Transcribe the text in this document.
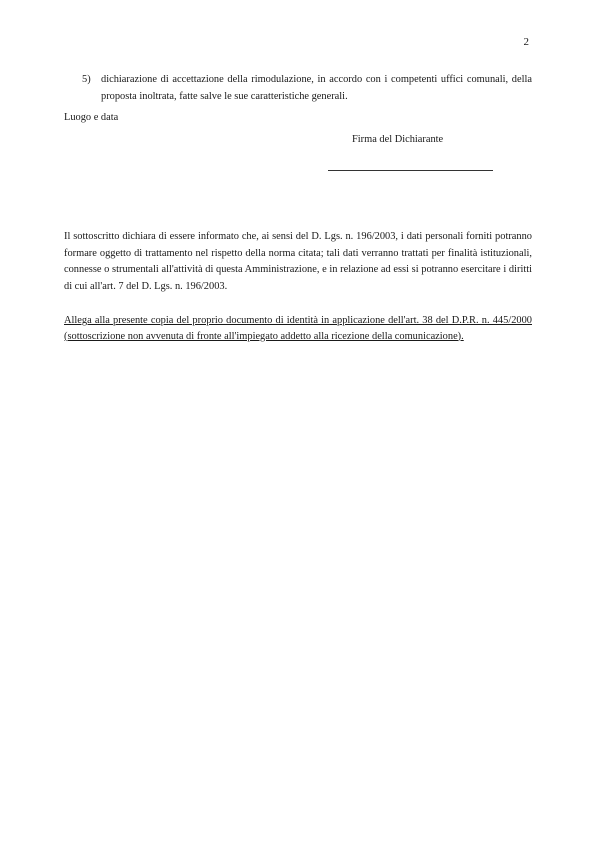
2
5) dichiarazione di accettazione della rimodulazione, in accordo con i competenti uffici comunali, della proposta inoltrata, fatte salve le sue caratteristiche generali.
Luogo e data
Firma del Dichiarante
Il sottoscritto dichiara di essere informato che, ai sensi del D. Lgs. n. 196/2003, i dati personali forniti potranno formare oggetto di trattamento nel rispetto della norma citata; tali dati verranno trattati per finalità istituzionali, connesse o strumentali all'attività di questa Amministrazione, e in relazione ad essi si potranno esercitare i diritti di cui all'art. 7 del D. Lgs. n. 196/2003.
Allega alla presente copia del proprio documento di identità in applicazione dell'art. 38 del D.P.R. n. 445/2000 (sottoscrizione non avvenuta di fronte all'impiegato addetto alla ricezione della comunicazione).
